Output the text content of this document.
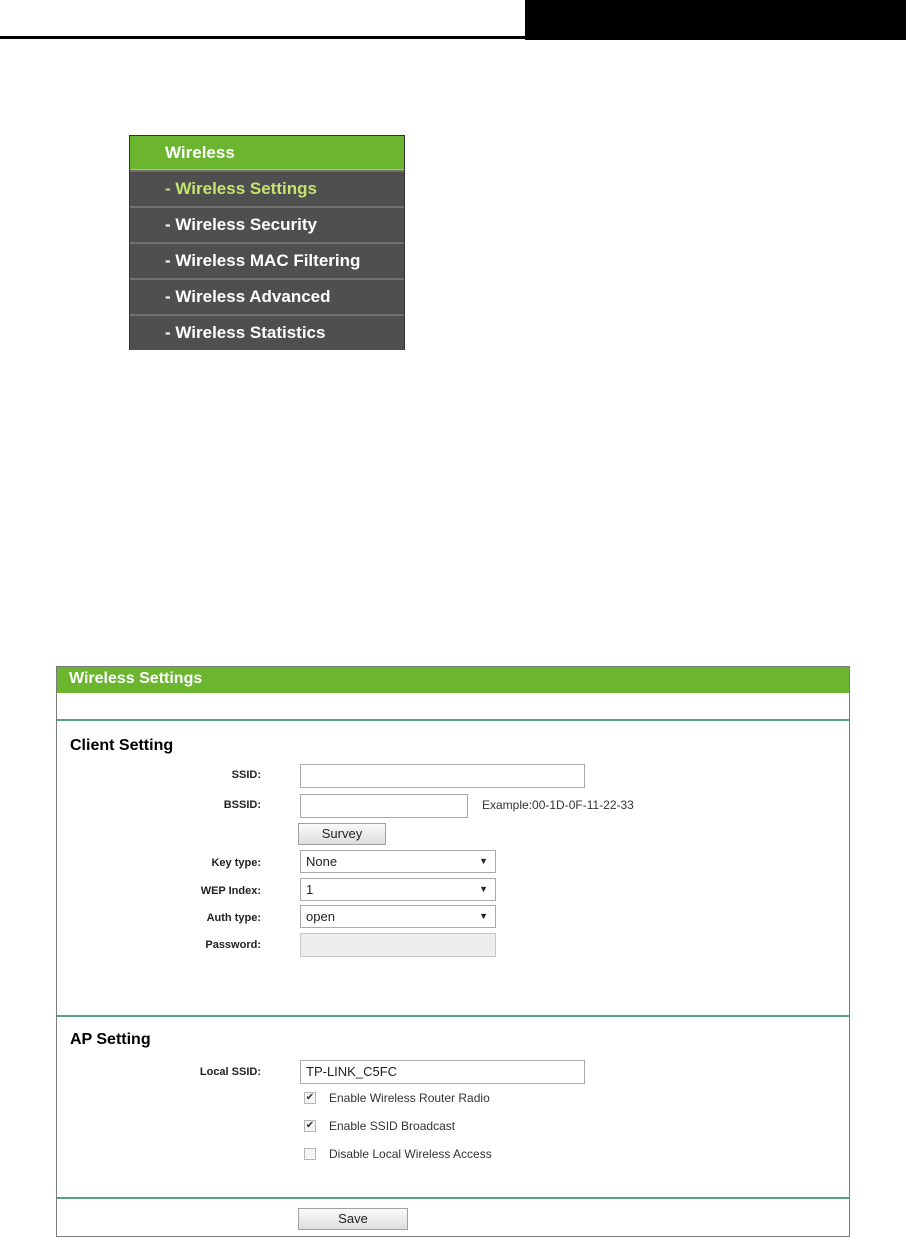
Wireless
- Wireless Settings
- Wireless Security
- Wireless MAC Filtering
- Wireless Advanced
- Wireless Statistics
Wireless Settings
Client Setting
SSID:
BSSID:	Example:00-1D-0F-11-22-33
Survey
Key type:	None	▼
WEP Index:	1	▼
Auth type:	open	▼
Password:
AP Setting
Local SSID:	TP-LINK_C5FC
✔ Enable Wireless Router Radio
✔ Enable SSID Broadcast
Disable Local Wireless Access
Save
